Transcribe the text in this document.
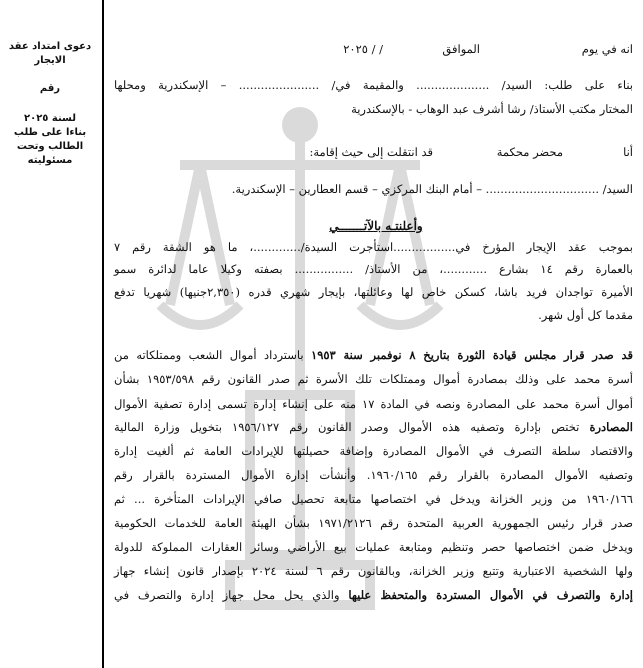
دعوى امتداد عقد الايجار
رقم
لسنة ٢٠٢٥
بناءا على طلب الطالب وتحت مسئوليته
انه في يوم
الموافق
/ / ٢٠٢٥
بناء على طلب: السيد/ .................... والمقيمة في/ ...................... – الإسكندرية ومحلها
المختار مكتب الأستاذ/ رشا أشرف عبد الوهاب - بالإسكندرية
أنا
محضر محكمة
قد انتقلت إلى حيث إقامة:
السيد/ ............................... – أمام البنك المركزي – قسم العطارين – الإسكندرية.
وأعلنتـه بالآتـــــــي
بموجب عقد الإيجار المؤرخ في.................استأجرت السيدة/.............، ما هو الشقة رقم ٧
بالعمارة رقم ١٤ بشارع ............، من الأستاذ/ ................ بصفته وكيلا عاما لدائرة سمو
الأميرة تواجدان فريد باشا، كسكن خاص لها وعائلتها، بإيجار شهري قدره (٢,٣٥٠جنيها) شهريا تدفع
مقدما كل أول شهر.
قد صدر قرار مجلس قيادة الثورة بتاريخ ٨ نوفمبر سنة ١٩٥٣ باسترداد أموال الشعب وممتلكاته من
أسرة محمد على وذلك بمصادرة أموال وممتلكات تلك الأسرة ثم صدر القانون رقم ١٩٥٣/٥٩٨ بشأن
أموال أسرة محمد على المصادرة ونصه في المادة ١٧ منه على إنشاء إدارة تسمى إدارة تصفية الأموال
المصادرة تختص بإدارة وتصفيه هذه الأموال وصدر القانون رقم ١٩٥٦/١٢٧ بتخويل وزارة المالية
والاقتصاد سلطة التصرف في الأموال المصادرة وإضافة حصيلتها للإيرادات العامة ثم ألغيت إدارة
وتصفيه الأموال المصادرة بالقرار رقم ١٩٦٠/١٦٥. وأنشأت إدارة الأموال المستردة بالقرار رقم
١٩٦٠/١٦٦ من وزير الخزانة ويدخل في اختصاصها متابعة تحصيل صافي الإيرادات المتأخرة ... ثم
صدر قرار رئيس الجمهورية العربية المتحدة رقم ١٩٧١/٢١٢٦ بشأن الهيئة العامة للخدمات الحكومية
ويدخل ضمن اختصاصها حصر وتنظيم ومتابعة عمليات بيع الأراضي وسائر العقارات المملوكة للدولة
ولها الشخصية الاعتبارية وتتبع وزير الخزانة، وبالقانون رقم ٦ لسنة ٢٠٢٤ بإصدار قانون إنشاء جهاز
إدارة والتصرف في الأموال المستردة والمتحفظ عليها والذي يحل محل جهاز إدارة والتصرف في
